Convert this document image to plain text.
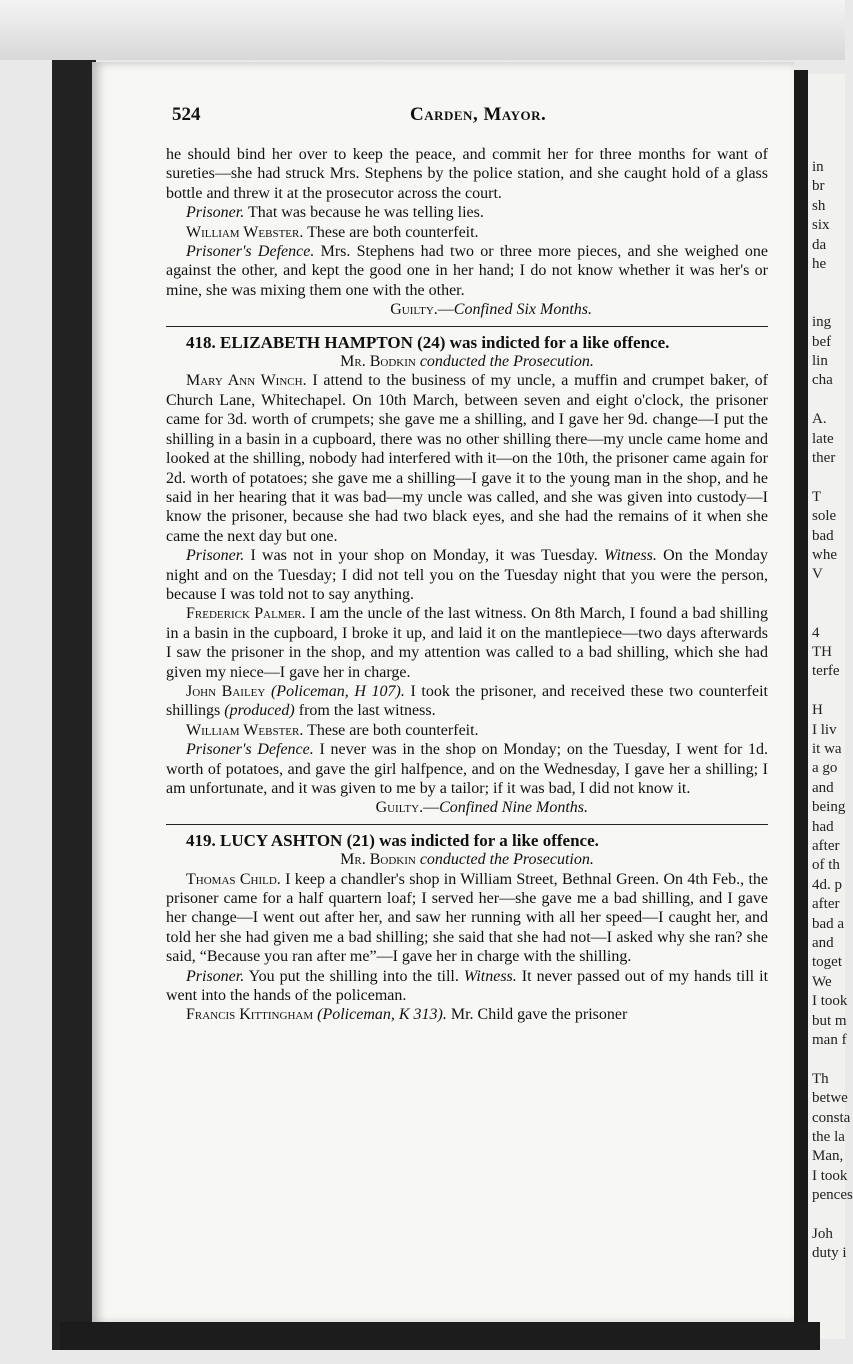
in
br
sh
six
da
he
ing
bef
lin
cha
A.
late
ther
T
sole
bad
whe
V
4
TH
terfe
H
I liv
it wa
a go
and
being
had
after
of th
4d. p
after
bad a
and
toget
We
I took
but m
man f
Th
betwe
consta
the la
Man,
I took
pences
Joh
duty i
524	Carden, Mayor.

he should bind her over to keep the peace, and commit her for three months for want of sureties—she had struck Mrs. Stephens by the police station, and she caught hold of a glass bottle and threw it at the prosecutor across the court.

Prisoner. That was because he was telling lies.

William Webster. These are both counterfeit.

Prisoner's Defence. Mrs. Stephens had two or three more pieces, and she weighed one against the other, and kept the good one in her hand; I do not know whether it was her's or mine, she was mixing them one with the other.

Guilty.—Confined Six Months.

418. ELIZABETH HAMPTON (24) was indicted for a like offence.

Mr. Bodkin conducted the Prosecution.

Mary Ann Winch. I attend to the business of my uncle, a muffin and crumpet baker, of Church Lane, Whitechapel. On 10th March, between seven and eight o'clock, the prisoner came for 3d. worth of crumpets; she gave me a shilling, and I gave her 9d. change—I put the shilling in a basin in a cupboard, there was no other shilling there—my uncle came home and looked at the shilling, nobody had interfered with it—on the 10th, the prisoner came again for 2d. worth of potatoes; she gave me a shilling—I gave it to the young man in the shop, and he said in her hearing that it was bad—my uncle was called, and she was given into custody—I know the prisoner, because she had two black eyes, and she had the remains of it when she came the next day but one.

Prisoner. I was not in your shop on Monday, it was Tuesday. Witness. On the Monday night and on the Tuesday; I did not tell you on the Tuesday night that you were the person, because I was told not to say anything.

Frederick Palmer. I am the uncle of the last witness. On 8th March, I found a bad shilling in a basin in the cupboard, I broke it up, and laid it on the mantlepiece—two days afterwards I saw the prisoner in the shop, and my attention was called to a bad shilling, which she had given my niece—I gave her in charge.

John Bailey (Policeman, H 107). I took the prisoner, and received these two counterfeit shillings (produced) from the last witness.

William Webster. These are both counterfeit.

Prisoner's Defence. I never was in the shop on Monday; on the Tuesday, I went for 1d. worth of potatoes, and gave the girl halfpence, and on the Wednesday, I gave her a shilling; I am unfortunate, and it was given to me by a tailor; if it was bad, I did not know it.

Guilty.—Confined Nine Months.

419. LUCY ASHTON (21) was indicted for a like offence.

Mr. Bodkin conducted the Prosecution.

Thomas Child. I keep a chandler's shop in William Street, Bethnal Green. On 4th Feb., the prisoner came for a half quartern loaf; I served her—she gave me a bad shilling, and I gave her change—I went out after her, and saw her running with all her speed—I caught her, and told her she had given me a bad shilling; she said that she had not—I asked why she ran? she said, “Because you ran after me”—I gave her in charge with the shilling.

Prisoner. You put the shilling into the till. Witness. It never passed out of my hands till it went into the hands of the policeman.

Francis Kittingham (Policeman, K 313). Mr. Child gave the prisoner
